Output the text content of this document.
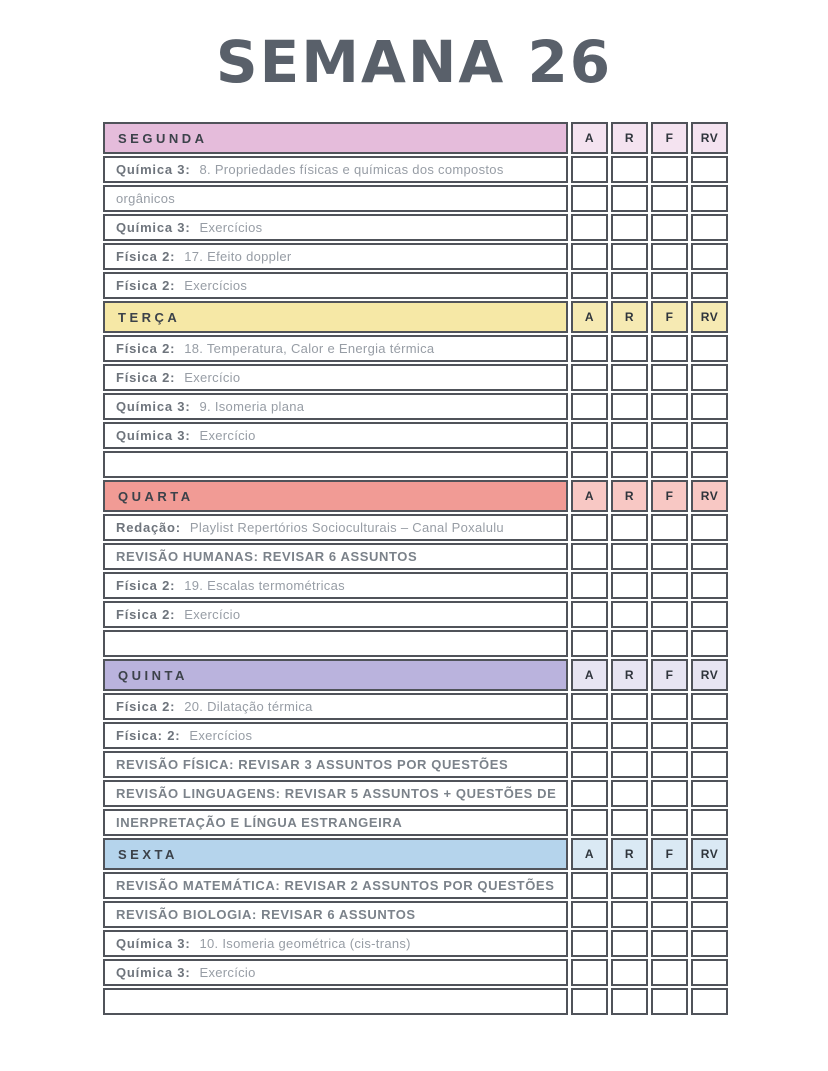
SEMANA 26
SEGUNDA	A	R	F	RV
Química 3: 8. Propriedades físicas e químicas dos compostos
orgânicos
Química 3: Exercícios
Física 2: 17. Efeito doppler
Física 2: Exercícios
TERÇA	A	R	F	RV
Física 2: 18. Temperatura, Calor e Energia térmica
Física 2: Exercício
Química 3: 9. Isomeria plana
Química 3: Exercício
QUARTA	A	R	F	RV
Redação: Playlist Repertórios Socioculturais – Canal Poxalulu
REVISÃO HUMANAS: REVISAR 6 ASSUNTOS
Física 2: 19. Escalas termométricas
Física 2: Exercício
QUINTA	A	R	F	RV
Física 2: 20. Dilatação térmica
Física: 2: Exercícios
REVISÃO FÍSICA: REVISAR 3 ASSUNTOS POR QUESTÕES
REVISÃO LINGUAGENS: REVISAR 5 ASSUNTOS + QUESTÕES DE
INERPRETAÇÃO E LÍNGUA ESTRANGEIRA
SEXTA	A	R	F	RV
REVISÃO MATEMÁTICA: REVISAR 2 ASSUNTOS POR QUESTÕES
REVISÃO BIOLOGIA: REVISAR 6 ASSUNTOS
Química 3: 10. Isomeria geométrica (cis-trans)
Química 3: Exercício
